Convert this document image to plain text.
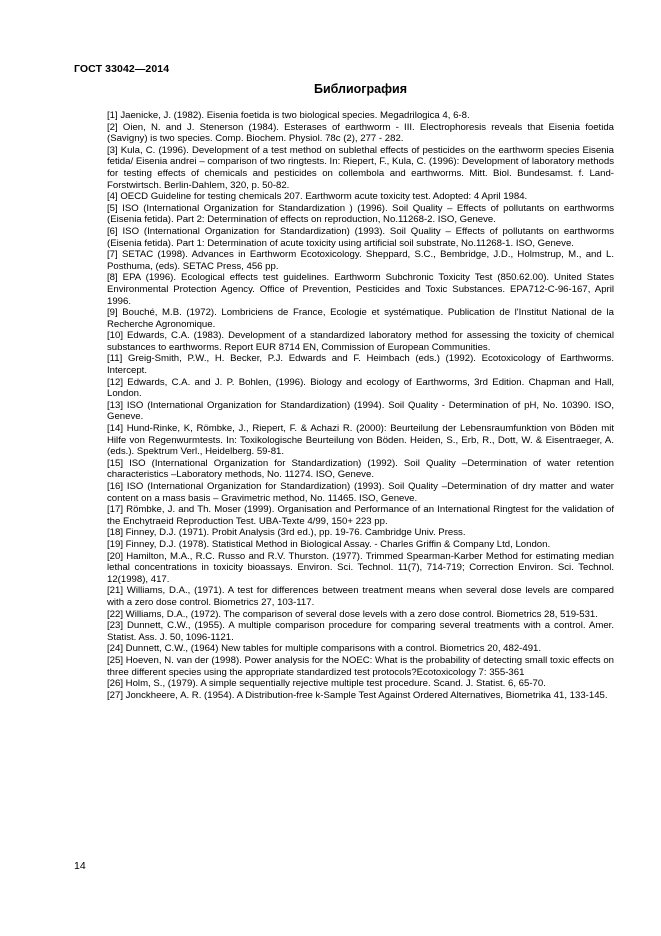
ГОСТ 33042—2014
Библиография
[1] Jaenicke, J. (1982). Eisenia foetida is two biological species. Megadrilogica 4, 6-8.
[2] Oien, N. and J. Stenerson (1984). Esterases of earthworm - III. Electrophoresis reveals that Eisenia foetida (Savigny) is two species. Comp. Biochem. Physiol. 78c (2), 277 - 282.
[3] Kula, C. (1996). Development of a test method on sublethal effects of pesticides on the earthworm species Eisenia fetida/ Eisenia andrei – comparison of two ringtests. In: Riepert, F., Kula, C. (1996): Development of laboratory methods for testing effects of chemicals and pesticides on collembola and earthworms. Mitt. Biol. Bundesamst. f. Land- Forstwirtsch. Berlin-Dahlem, 320, p. 50-82.
[4] OECD Guideline for testing chemicals 207. Earthworm acute toxicity test. Adopted: 4 April 1984.
[5] ISO (International Organization for Standardization ) (1996). Soil Quality – Effects of pollutants on earthworms (Eisenia fetida). Part 2: Determination of effects on reproduction, No.11268-2. ISO, Geneve.
[6] ISO (International Organization for Standardization) (1993). Soil Quality – Effects of pollutants on earthworms (Eisenia fetida). Part 1: Determination of acute toxicity using artificial soil substrate, No.11268-1. ISO, Geneve.
[7] SETAC (1998). Advances in Earthworm Ecotoxicology. Sheppard, S.C., Bembridge, J.D., Holmstrup, M., and L. Posthuma, (eds). SETAC Press, 456 pp.
[8] EPA (1996). Ecological effects test guidelines. Earthworm Subchronic Toxicity Test (850.62.00). United States Environmental Protection Agency. Office of Prevention, Pesticides and Toxic Substances. EPA712-C-96-167, April 1996.
[9] Bouché, M.B. (1972). Lombriciens de France, Ecologie et systématique. Publication de l'Institut National de la Recherche Agronomique.
[10] Edwards, C.A. (1983). Development of a standardized laboratory method for assessing the toxicity of chemical substances to earthworms. Report EUR 8714 EN, Commission of European Communities.
[11] Greig-Smith, P.W., H. Becker, P.J. Edwards and F. Heimbach (eds.) (1992). Ecotoxicology of Earthworms. Intercept.
[12] Edwards, C.A. and J. P. Bohlen, (1996). Biology and ecology of Earthworms, 3rd Edition. Chapman and Hall, London.
[13] ISO (International Organization for Standardization) (1994). Soil Quality - Determination of pH, No. 10390. ISO, Geneve.
[14] Hund-Rinke, K, Römbke, J., Riepert, F. & Achazi R. (2000): Beurteilung der Lebensraumfunktion von Böden mit Hilfe von Regenwurmtests. In: Toxikologische Beurteilung von Böden. Heiden, S., Erb, R., Dott, W. & Eisentraeger, A. (eds.). Spektrum Verl., Heidelberg. 59-81.
[15] ISO (International Organization for Standardization) (1992). Soil Quality –Determination of water retention characteristics –Laboratory methods, No. 11274. ISO, Geneve.
[16] ISO (International Organization for Standardization) (1993). Soil Quality –Determination of dry matter and water content on a mass basis – Gravimetric method, No. 11465. ISO, Geneve.
[17] Römbke, J. and Th. Moser (1999). Organisation and Performance of an International Ringtest for the validation of the Enchytraeid Reproduction Test. UBA-Texte 4/99, 150+ 223 pp.
[18] Finney, D.J. (1971). Probit Analysis (3rd ed.), pp. 19-76. Cambridge Univ. Press.
[19] Finney, D.J. (1978). Statistical Method in Biological Assay. - Charles Griffin & Company Ltd, London.
[20] Hamilton, M.A., R.C. Russo and R.V. Thurston. (1977). Trimmed Spearman-Karber Method for estimating median lethal concentrations in toxicity bioassays. Environ. Sci. Technol. 11(7), 714-719; Correction Environ. Sci. Technol. 12(1998), 417.
[21] Williams, D.A., (1971). A test for differences between treatment means when several dose levels are compared with a zero dose control. Biometrics 27, 103-117.
[22] Williams, D.A., (1972). The comparison of several dose levels with a zero dose control. Biometrics 28, 519-531.
[23] Dunnett, C.W., (1955). A multiple comparison procedure for comparing several treatments with a control. Amer. Statist. Ass. J. 50, 1096-1121.
[24] Dunnett, C.W., (1964) New tables for multiple comparisons with a control. Biometrics 20, 482-491.
[25] Hoeven, N. van der (1998). Power analysis for the NOEC: What is the probability of detecting small toxic effects on three different species using the appropriate standardized test protocols?Ecotoxicology 7: 355-361
[26] Holm, S., (1979). A simple sequentially rejective multiple test procedure. Scand. J. Statist. 6, 65-70.
[27] Jonckheere, A. R. (1954). A Distribution-free k-Sample Test Against Ordered Alternatives, Biometrika 41, 133-145.
14
